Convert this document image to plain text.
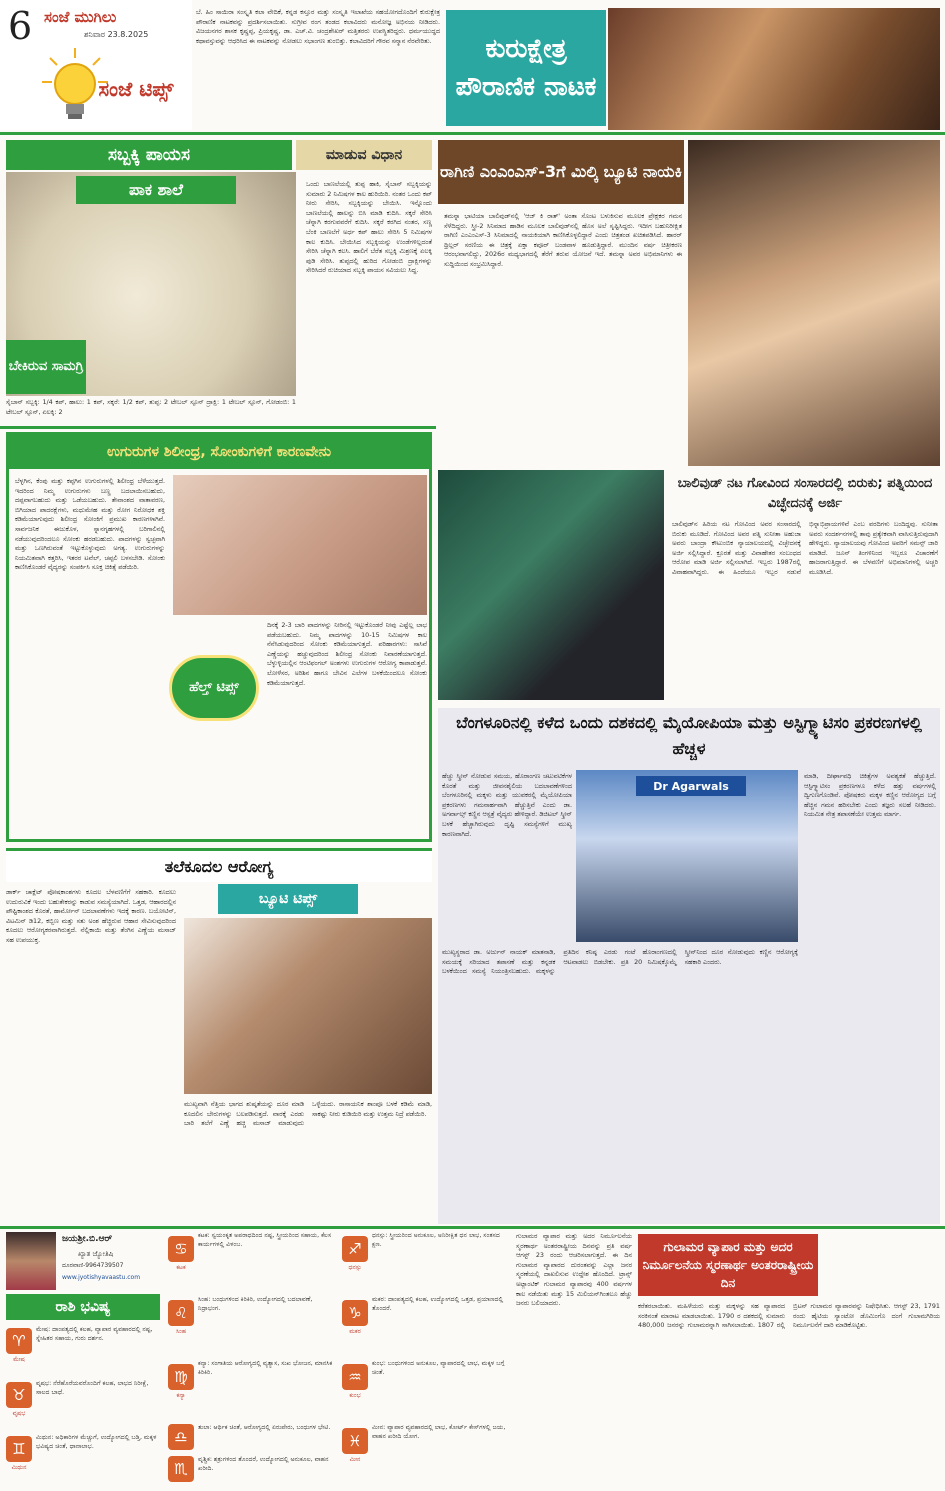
6 ಸಂಜೆ ಮುಗಿಲು
ಶನಿವಾರ 23.8.2025
ಸಂಜೆ ಟಿಪ್ಸ್
ಬೆ. ಹಿಂ ಸಾಯಿರಾ ಸಂಸ್ಕೃತಿ ಕಲಾ ವೇದಿಕೆ, ಕನ್ನಡ ಕಸ್ತೂರ ಮತ್ತು ಸಂಸ್ಕೃತಿ ಇಲಾಖೆಯ ಸಹಯೋಗದೊಂದಿಗೆ ಕುರುಕ್ಷೇತ್ರ ಪೌರಾಣಿಕ ನಾಟಕವನ್ನು ಪ್ರದರ್ಶಿಸಲಾಯಿತು. ಸುಗ್ರೀವ ರಂಗ ತಂಡದ ಕಲಾವಿದರು ಮನೋಜ್ಞ ಅಭಿನಯ ನೀಡಿದರು. ವಿಜಯನಗರ ಶಾಸಕ ಕೃಷ್ಣಪ್ಪ, ಪ್ರಿಯಕೃಷ್ಣ, ಡಾ. ಎಚ್.ವಿ. ಚಂದ್ರಶೇಖರ್ ಮತ್ತಿತರರು ಉಪಸ್ಥಿತರಿದ್ದರು. ಧರ್ಮಯುದ್ಧದ ಕಥಾವಸ್ತುವನ್ನು ಆಧರಿಸಿದ ಈ ನಾಟಕವನ್ನು ನೋಡಲು ಸಭಾಂಗಣ ತುಂಬಿತ್ತು. ಕಲಾವಿದರಿಗೆ ಗೌರವ ಸನ್ಮಾನ ನೆರವೇರಿತು.	ಕುರುಕ್ಷೇತ್ರ ಪೌರಾಣಿಕ ನಾಟಕ
ಸಬ್ಬಕ್ಕಿ ಪಾಯಸ	ಮಾಡುವ ವಿಧಾನ
ಪಾಕ ಶಾಲೆ
ಬೇಕಿರುವ ಸಾಮಗ್ರಿ
ಸೈಬಾನ್ ಸಬ್ಬಕ್ಕಿ: 1/4 ಕಪ್, ಹಾಲು: 1 ಕಪ್, ಸಕ್ಕರೆ: 1/2 ಕಪ್, ತುಪ್ಪ: 2 ಟೇಬಲ್ ಸ್ಪೂನ್ ದ್ರಾಕ್ಷಿ: 1 ಟೇಬಲ್ ಸ್ಪೂನ್, ಗೋಡಂಬಿ: 1 ಟೇಬಲ್ ಸ್ಪೂನ್, ಏಲಕ್ಕಿ: 2
ಒಂದು ಬಾಣಲೆಯಲ್ಲಿ ತುಪ್ಪ ಹಾಕಿ, ಸೈಬಾನ್ ಸಬ್ಬಕ್ಕಿಯನ್ನು ಸುಮಾರು 2 ನಿಮಿಷಗಳ ಕಾಲ ಹುರಿಯಿರಿ. ನಂತರ ಒಂದು ಕಪ್ ನೀರು ಸೇರಿಸಿ, ಸಬ್ಬಕ್ಕಿಯನ್ನು ಬೇಯಿಸಿ. ಇನ್ನೊಂದು ಬಾಣಲೆಯಲ್ಲಿ ಹಾಲನ್ನು ಬಿಸಿ ಮಾಡಿ ಕುದಿಸಿ. ಸಕ್ಕರೆ ಸೇರಿಸಿ ಚೆನ್ನಾಗಿ ಕರಗುವವರೆಗೆ ಕುದಿಸಿ. ಸಕ್ಕರೆ ಕರಗಿದ ನಂತರ, ಸಣ್ಣ ಬೆಂಕಿ ಬಾಣಲೆಗೆ ಅರ್ಧ ಕಪ್ ಹಾಲು ಸೇರಿಸಿ 5 ನಿಮಿಷಗಳ ಕಾಲ ಕುದಿಸಿ. ಬೇಯಿಸಿದ ಸಬ್ಬಕ್ಕಿಯನ್ನು ಉಂಡೆಗಳಿಲ್ಲದಂತೆ ಸೇರಿಸಿ ಚೆನ್ನಾಗಿ ಕಲಸಿ. ಹಾಲಿಗೆ ಬೆರೆತ ಸಬ್ಬಕ್ಕಿ ಮಿಶ್ರಣಕ್ಕೆ ಏಲಕ್ಕಿ ಪುಡಿ ಸೇರಿಸಿ. ತುಪ್ಪದಲ್ಲಿ ಹುರಿದ ಗೋಡಂಬಿ ದ್ರಾಕ್ಷಿಗಳನ್ನು ಸೇರಿಸಿದರೆ ರುಚಿಯಾದ ಸಬ್ಬಕ್ಕಿ ಪಾಯಸ ಸವಿಯಲು ಸಿದ್ಧ.
ರಾಗಿಣಿ ಎಂಎಂಎಸ್-3ಗೆ ಮಿಲ್ಕಿ ಬ್ಯೂಟಿ ನಾಯಕಿ
ತಮನ್ನಾ ಭಾಟಿಯಾ ಬಾಲಿವುಡ್‌ನಲ್ಲಿ 'ಆಜ್ ಕಿ ರಾತ್' ಅಂತಾ ಸೊಂಟ ಬಳುಕಿಸುವ ಮೂಲಕ ಪ್ರೇಕ್ಷಕರ ಗಮನ ಸೆಳೆದಿದ್ದರು. ಸ್ತ್ರೀ-2 ಸಿನಿಮಾದ ಹಾಡಿನ ಮೂಲಕ ಬಾಲಿವುಡ್‌ನಲ್ಲಿ ಹೊಸ ಅಲೆ ಸೃಷ್ಟಿಸಿದ್ದರು. ಇದೀಗ ಬಹುನಿರೀಕ್ಷಿತ ರಾಗಿಣಿ ಎಂಎಂಎಸ್-3 ಸಿನಿಮಾದಲ್ಲಿ ನಾಯಕಿಯಾಗಿ ಕಾಣಿಸಿಕೊಳ್ಳಲಿದ್ದಾರೆ ಎಂದು ಚಿತ್ರತಂಡ ಖಚಿತಪಡಿಸಿದೆ. ಹಾರರ್ ಥ್ರಿಲ್ಲರ್ ಸರಣಿಯ ಈ ಚಿತ್ರಕ್ಕೆ ಏಕ್ತಾ ಕಪೂರ್ ಬಂಡವಾಳ ಹೂಡುತ್ತಿದ್ದಾರೆ. ಮುಂದಿನ ವರ್ಷ ಚಿತ್ರೀಕರಣ ಆರಂಭವಾಗಲಿದ್ದು, 2026ರ ಮಧ್ಯಭಾಗದಲ್ಲಿ ತೆರೆಗೆ ತರುವ ಯೋಜನೆ ಇದೆ. ತಮನ್ನಾ ಅವರ ಅಭಿಮಾನಿಗಳು ಈ ಸುದ್ದಿಯಿಂದ ಸಂಭ್ರಮಿಸಿದ್ದಾರೆ.
ಉಗುರುಗಳ ಶಿಲೀಂಧ್ರ, ಸೋಂಕುಗಳಿಗೆ ಕಾರಣವೇನು
ಬೆಳ್ಳಗಿನ, ಕೆಂಪು ಮತ್ತು ಕಪ್ಪಗಿನ ಉಗುರುಗಳಲ್ಲಿ ಶಿಲೀಂಧ್ರ ಬೆಳೆಯುತ್ತದೆ. ಇದರಿಂದ ನಿಮ್ಮ ಉಗುರುಗಳು ಬಣ್ಣ ಬದಲಾಯಿಸಬಹುದು, ದಪ್ಪವಾಗಬಹುದು ಮತ್ತು ಒಡೆಯಬಹುದು. ತೇವಾಂಶದ ವಾತಾವರಣ, ಬಿಗಿಯಾದ ಪಾದರಕ್ಷೆಗಳು, ಮಧುಮೇಹ ಮತ್ತು ರೋಗ ನಿರೋಧಕ ಶಕ್ತಿ ಕಡಿಮೆಯಾಗುವುದು ಶಿಲೀಂಧ್ರ ಸೋಂಕಿಗೆ ಪ್ರಮುಖ ಕಾರಣಗಳಾಗಿವೆ. ಸಾರ್ವಜನಿಕ ಈಜುಕೊಳ, ಸ್ನಾನಗೃಹಗಳಲ್ಲಿ ಬರಿಗಾಲಿನಲ್ಲಿ ನಡೆಯುವುದರಿಂದಲೂ ಸೋಂಕು ಹರಡಬಹುದು. ಪಾದಗಳನ್ನು ಸ್ವಚ್ಛವಾಗಿ ಮತ್ತು ಒಣಗಿರುವಂತೆ ಇಟ್ಟುಕೊಳ್ಳುವುದು ಅಗತ್ಯ. ಉಗುರುಗಳನ್ನು ನಿಯಮಿತವಾಗಿ ಕತ್ತರಿಸಿ, ಇತರರ ಟವೆಲ್, ಚಪ್ಪಲಿ ಬಳಸಬೇಡಿ. ಸೋಂಕು ಕಾಣಿಸಿಕೊಂಡರೆ ವೈದ್ಯರನ್ನು ಸಂಪರ್ಕಿಸಿ ಸೂಕ್ತ ಚಿಕಿತ್ಸೆ ಪಡೆಯಿರಿ.
ಹೆಲ್ತ್ ಟಿಪ್ಸ್
ದಿನಕ್ಕೆ 2-3 ಬಾರಿ ಪಾದಗಳನ್ನು ನೀರಿನಲ್ಲಿ ಇಟ್ಟುಕೊಂಡರೆ ನೀವು ಎಷ್ಟೆಲ್ಲ ಲಾಭ ಪಡೆಯಬಹುದು. ನಿಮ್ಮ ಪಾದಗಳನ್ನು 10-15 ನಿಮಿಷಗಳ ಕಾಲ ನೆನೆಸಿಡುವುದರಿಂದ ಸೋಂಕು ಕಡಿಮೆಯಾಗುತ್ತದೆ. ಪರಿಹಾರಗಳು: ಸಾಸಿವೆ ಎಣ್ಣೆಯನ್ನು ಹಚ್ಚುವುದರಿಂದ ಶಿಲೀಂಧ್ರ ಸೋಂಕು ನಿವಾರಣೆಯಾಗುತ್ತದೆ. ಬೆಳ್ಳುಳ್ಳಿಯಲ್ಲಿನ ಆಂಟಿಫಂಗಲ್ ಅಂಶಗಳು ಉಗುರುಗಳ ಆರೋಗ್ಯ ಕಾಪಾಡುತ್ತವೆ. ಲೋಳೆಸರ, ಅರಿಶಿನ ಹಾಗೂ ಬೇವಿನ ಎಲೆಗಳ ಬಳಕೆಯಿಂದಲೂ ಸೋಂಕು ಕಡಿಮೆಯಾಗುತ್ತದೆ.
ಬಾಲಿವುಡ್ ನಟ ಗೋವಿಂದ ಸಂಸಾರದಲ್ಲಿ ಬಿರುಕು; ಪತ್ನಿಯಿಂದ ವಿಚ್ಛೇದನಕ್ಕೆ ಅರ್ಜಿ
ಬಾಲಿವುಡ್‌ನ ಹಿರಿಯ ನಟ ಗೋವಿಂದ ಅವರ ಸಂಸಾರದಲ್ಲಿ ಬಿರುಕು ಮೂಡಿದೆ. ಗೋವಿಂದ ಅವರ ಪತ್ನಿ ಸುನೀತಾ ಅಹುಜಾ ಅವರು ಬಾಂದ್ರಾ ಕೌಟುಂಬಿಕ ನ್ಯಾಯಾಲಯದಲ್ಲಿ ವಿಚ್ಛೇದನಕ್ಕೆ ಅರ್ಜಿ ಸಲ್ಲಿಸಿದ್ದಾರೆ. ಕ್ರೂರತೆ ಮತ್ತು ವಿವಾಹೇತರ ಸಂಬಂಧದ ಆರೋಪ ಮಾಡಿ ಅರ್ಜಿ ಸಲ್ಲಿಸಲಾಗಿದೆ. ಇಬ್ಬರು 1987ರಲ್ಲಿ ವಿವಾಹವಾಗಿದ್ದರು. ಈ ಹಿಂದೆಯೂ ಇಬ್ಬರ ನಡುವೆ ಭಿನ್ನಾಭಿಪ್ರಾಯಗಳಿವೆ ಎಂಬ ವರದಿಗಳು ಬಂದಿದ್ದವು. ಸುನೀತಾ ಅವರು ಸಂದರ್ಶನಗಳಲ್ಲಿ ತಾವು ಪ್ರತ್ಯೇಕವಾಗಿ ವಾಸಿಸುತ್ತಿರುವುದಾಗಿ ಹೇಳಿದ್ದರು. ನ್ಯಾಯಾಲಯವು ಗೋವಿಂದ ಅವರಿಗೆ ಸಮನ್ಸ್ ಜಾರಿ ಮಾಡಿದೆ. ಜೂನ್ ತಿಂಗಳಿನಿಂದ ಇಬ್ಬರೂ ವಿಚಾರಣೆಗೆ ಹಾಜರಾಗುತ್ತಿದ್ದಾರೆ. ಈ ಬೆಳವಣಿಗೆ ಅಭಿಮಾನಿಗಳಲ್ಲಿ ಅಚ್ಚರಿ ಮೂಡಿಸಿದೆ.
ಬೆಂಗಳೂರಿನಲ್ಲಿ ಕಳೆದ ಒಂದು ದಶಕದಲ್ಲಿ ಮೈಯೋಪಿಯಾ ಮತ್ತು ಅಸ್ಟಿಗ್ಮ್ಯಾಟಿಸಂ ಪ್ರಕರಣಗಳಲ್ಲಿ ಹೆಚ್ಚಳ
ಹೆಚ್ಚು ಸ್ಕ್ರೀನ್ ನೋಡುವ ಸಮಯ, ಹೊರಾಂಗಣ ಚಟುವಟಿಕೆಗಳ ಕೊರತೆ ಮತ್ತು ಜೀವನಶೈಲಿಯ ಬದಲಾವಣೆಗಳಿಂದ ಬೆಂಗಳೂರಿನಲ್ಲಿ ಮಕ್ಕಳು ಮತ್ತು ಯುವಕರಲ್ಲಿ ಮೈಯೋಪಿಯಾ ಪ್ರಕರಣಗಳು ಗಮನಾರ್ಹವಾಗಿ ಹೆಚ್ಚುತ್ತಿವೆ ಎಂದು ಡಾ. ಅಗರ್ವಾಲ್ಸ್ ಕಣ್ಣಿನ ಆಸ್ಪತ್ರೆ ವೈದ್ಯರು ಹೇಳಿದ್ದಾರೆ. ಡಿಜಿಟಲ್ ಸ್ಕ್ರೀನ್ ಬಳಕೆ ಹೆಚ್ಚಾಗಿರುವುದು ದೃಷ್ಟಿ ಸಮಸ್ಯೆಗಳಿಗೆ ಮುಖ್ಯ ಕಾರಣವಾಗಿದೆ.
Dr Agarwals
ಮುಖ್ಯಸ್ಥರಾದ ಡಾ. ಅರ್ಜುನ್ ನಾಯಕ್ ಮಾತನಾಡಿ, ಸಮಯಕ್ಕೆ ಸರಿಯಾದ ತಪಾಸಣೆ ಮತ್ತು ಕನ್ನಡಕ ಬಳಕೆಯಿಂದ ಸಮಸ್ಯೆ ನಿಯಂತ್ರಿಸಬಹುದು. ಮಕ್ಕಳನ್ನು ಪ್ರತಿದಿನ ಕನಿಷ್ಠ ಎರಡು ಗಂಟೆ ಹೊರಾಂಗಣದಲ್ಲಿ ಆಟವಾಡಲು ಬಿಡಬೇಕು. ಪ್ರತಿ 20 ನಿಮಿಷಕ್ಕೊಮ್ಮೆ ಸ್ಕ್ರೀನ್‌ನಿಂದ ದೂರ ನೋಡುವುದು ಕಣ್ಣಿನ ಆರೋಗ್ಯಕ್ಕೆ ಸಹಕಾರಿ ಎಂದರು.
ಮಾಡಿ, ದೀರ್ಘಾವಧಿ ಚಿಕಿತ್ಸೆಗಳ ಅವಶ್ಯಕತೆ ಹೆಚ್ಚುತ್ತಿದೆ. ಆಸ್ಟಿಗ್ಮ್ಯಾಟಿಸಂ ಪ್ರಕರಣಗಳೂ ಕಳೆದ ಹತ್ತು ವರ್ಷಗಳಲ್ಲಿ ದ್ವಿಗುಣಗೊಂಡಿವೆ. ಪೋಷಕರು ಮಕ್ಕಳ ಕಣ್ಣಿನ ಆರೋಗ್ಯದ ಬಗ್ಗೆ ಹೆಚ್ಚಿನ ಗಮನ ಹರಿಸಬೇಕು ಎಂದು ತಜ್ಞರು ಸಲಹೆ ನೀಡಿದರು. ನಿಯಮಿತ ನೇತ್ರ ತಪಾಸಣೆಯೇ ಉತ್ತಮ ಮಾರ್ಗ.
ತಲೆಕೂದಲ ಆರೋಗ್ಯ
ಡಾರ್ಕ್ ಚಾಕ್ಲೆಟ್ ಪೋಷಕಾಂಶಗಳು ಕೂದಲ ಬೆಳವಣಿಗೆಗೆ ಸಹಕಾರಿ. ಕೂದಲು ಉದುರುವಿಕೆ ಇಂದು ಬಹುತೇಕರನ್ನು ಕಾಡುವ ಸಮಸ್ಯೆಯಾಗಿದೆ. ಒತ್ತಡ, ಆಹಾರದಲ್ಲಿನ ಪೌಷ್ಟಿಕಾಂಶದ ಕೊರತೆ, ಹಾರ್ಮೋನ್ ಬದಲಾವಣೆಗಳು ಇದಕ್ಕೆ ಕಾರಣ. ಬಯೋಟಿನ್, ವಿಟಮಿನ್ ಡಿ12, ಕಬ್ಬಿಣ ಮತ್ತು ಸತು ಅಂಶ ಹೆಚ್ಚಿರುವ ಆಹಾರ ಸೇವಿಸುವುದರಿಂದ ಕೂದಲು ಆರೋಗ್ಯಕರವಾಗಿರುತ್ತದೆ. ನೆಲ್ಲಿಕಾಯಿ ಮತ್ತು ತೆಂಗಿನ ಎಣ್ಣೆಯ ಮಸಾಜ್ ಸಹ ಉಪಯುಕ್ತ.
ಬ್ಯೂಟಿ ಟಿಪ್ಸ್
ಮುಖ್ಯವಾಗಿ ನೆತ್ತಿಯ ಭಾಗದ ಶುಷ್ಕತೆಯನ್ನು ದೂರ ಮಾಡಿ ಕೂದಲಿನ ಬೇರುಗಳನ್ನು ಬಲಪಡಿಸುತ್ತದೆ. ವಾರಕ್ಕೆ ಎರಡು ಬಾರಿ ತಲೆಗೆ ಎಣ್ಣೆ ಹಚ್ಚಿ ಮಸಾಜ್ ಮಾಡುವುದು ಒಳ್ಳೆಯದು. ರಾಸಾಯನಿಕ ಶಾಂಪೂ ಬಳಕೆ ಕಡಿಮೆ ಮಾಡಿ, ಸಾಕಷ್ಟು ನೀರು ಕುಡಿಯಿರಿ ಮತ್ತು ಉತ್ತಮ ನಿದ್ರೆ ಪಡೆಯಿರಿ.
ಜಯಶ್ರೀ.ಬಿ.ಆರ್
ಖ್ಯಾತ ಜ್ಯೋತಿಷಿ
ದೂರವಾಣಿ-9964739507
www.jyotishyavaastu.com
ರಾಶಿ ಭವಿಷ್ಯ
♈
ಮೇಷ
ಮೇಷ: ದಾಂಪತ್ಯದಲ್ಲಿ ಕಲಹ, ವ್ಯಾಪಾರ ವ್ಯವಹಾರದಲ್ಲಿ ನಷ್ಟ, ಸ್ನೇಹಿತರ ಸಹಾಯ, ಗುರು ದರ್ಶನ.
♉
ವೃಷಭ
ವೃಷಭ: ನೆರೆಹೊರೆಯವರೊಂದಿಗೆ ಕಲಹ, ಲಾಭದ ನಿರೀಕ್ಷೆ, ಸಾಲದ ಬಾಧೆ.
♊
ಮಿಥುನ
ಮಿಥುನ: ಅಧಿಕಾರಿಗಳ ಮೆಚ್ಚುಗೆ, ಉದ್ಯೋಗದಲ್ಲಿ ಬಡ್ತಿ, ಮಕ್ಕಳ ಭವಿಷ್ಯದ ಚಿಂತೆ, ಧಾನಾಲಾಭ.
♋
ಕಟಕ
ಕಟಕ: ಸ್ವಯಂಕೃತ ಅಪರಾಧದಿಂದ ನಷ್ಟ, ಸ್ತ್ರೀಯರಿಂದ ಸಹಾಯ, ಕೆಲಸ ಕಾರ್ಯಗಳಲ್ಲಿ ವಿಳಂಬ.
♌
ಸಿಂಹ
ಸಿಂಹ: ಬಂಧುಗಳಿಂದ ಕಿರಿಕಿರಿ, ಉದ್ಯೋಗದಲ್ಲಿ ಬದಲಾವಣೆ, ನಿದ್ರಾಭಂಗ.
♍
ಕನ್ಯಾ
ಕನ್ಯಾ: ಸಂಗಾತಿಯ ಆರೋಗ್ಯದಲ್ಲಿ ವ್ಯತ್ಯಾಸ, ಸುಖ ಭೋಜನ, ಮಾನಸಿಕ ಕಿರಿಕಿರಿ.
♎
ತುಲಾ: ಆರ್ಥಿಕ ಚಿಂತೆ, ಆರೋಗ್ಯದಲ್ಲಿ ಏರುಪೇರು, ಬಂಧುಗಳ ಭೇಟಿ.
♏
ವೃಶ್ಚಿಕ: ಶತ್ರುಗಳಿಂದ ತೊಂದರೆ, ಉದ್ಯೋಗದಲ್ಲಿ ಅನುಕೂಲ, ವಾಹನ ಖರೀದಿ.
♐
ಧನಸ್ಸು
ಧನಸ್ಸು: ಸ್ತ್ರೀಯರಿಂದ ಅನುಕೂಲ, ಅನಿರೀಕ್ಷಿತ ಧನ ಲಾಭ, ಸಂತಸದ ಕ್ಷಣ.
♑
ಮಕರ
ಮಕರ: ದಾಂಪತ್ಯದಲ್ಲಿ ಕಲಹ, ಉದ್ಯೋಗದಲ್ಲಿ ಒತ್ತಡ, ಪ್ರಯಾಣದಲ್ಲಿ ತೊಂದರೆ.
♒
ಕುಂಭ
ಕುಂಭ: ಬಂಧುಗಳಿಂದ ಅನುಕೂಲ, ವ್ಯಾಪಾರದಲ್ಲಿ ಲಾಭ, ಮಕ್ಕಳ ಬಗ್ಗೆ ಚಿಂತೆ.
♓
ಮೀನ
ಮೀನ: ವ್ಯಾಪಾರ ವ್ಯವಹಾರದಲ್ಲಿ ಲಾಭ, ಕೋರ್ಟ್ ಕೇಸ್‌ಗಳಲ್ಲಿ ಜಯ, ವಾಹನ ಖರೀದಿ ಯೋಗ.
ಗುಲಾಮರ ವ್ಯಾಪಾರ ಮತ್ತು ಅದರ ನಿರ್ಮೂಲನೆಯ ಸ್ಮರಣಾರ್ಥ ಅಂತರರಾಷ್ಟ್ರೀಯ ದಿನವನ್ನು ಪ್ರತಿ ವರ್ಷ ಆಗಸ್ಟ್ 23 ರಂದು ಆಚರಿಸಲಾಗುತ್ತದೆ. ಈ ದಿನ ಗುಲಾಮರ ವ್ಯಾಪಾರದ ದುರಂತವನ್ನು ಎಲ್ಲಾ ಜನರ ಸ್ಮರಣೆಯಲ್ಲಿ ದಾಖಲಿಸುವ ಉದ್ದೇಶ ಹೊಂದಿದೆ. ಟ್ರಾನ್ಸ್ ಅಟ್ಲಾಂಟಿಕ್ ಗುಲಾಮರ ವ್ಯಾಪಾರವು 400 ವರ್ಷಗಳ ಕಾಲ ನಡೆಯಿತು ಮತ್ತು 15 ಮಿಲಿಯನ್‌ಗಿಂತಲೂ ಹೆಚ್ಚು ಜನರು ಬಲಿಯಾದರು.
ಗುಲಾಮರ ವ್ಯಾಪಾರ ಮತ್ತು ಅದರ ನಿರ್ಮೂಲನೆಯ ಸ್ಮರಣಾರ್ಥ ಅಂತರರಾಷ್ಟ್ರೀಯ ದಿನ
ಕರೆತರಲಾಯಿತು. ಮಹಿಳೆಯರು ಮತ್ತು ಮಕ್ಕಳನ್ನು ಸಹ ವ್ಯಾಪಾರದ ಸರಕಿನಂತೆ ಮಾರಾಟ ಮಾಡಲಾಯಿತು. 1790 ರ ದಶಕದಲ್ಲಿ ಸುಮಾರು 480,000 ಜನರನ್ನು ಗುಲಾಮರನ್ನಾಗಿ ಸಾಗಿಸಲಾಯಿತು. 1807 ರಲ್ಲಿ ಬ್ರಿಟನ್ ಗುಲಾಮರ ವ್ಯಾಪಾರವನ್ನು ನಿಷೇಧಿಸಿತು. ಆಗಸ್ಟ್ 23, 1791 ರಂದು ಹೈಟಿಯ ಸ್ಯಾಂಟೋ ಡೊಮಿಂಗೊ ದಂಗೆ ಗುಲಾಮಗಿರಿಯ ನಿರ್ಮೂಲನೆಗೆ ದಾರಿ ಮಾಡಿಕೊಟ್ಟಿತು.
